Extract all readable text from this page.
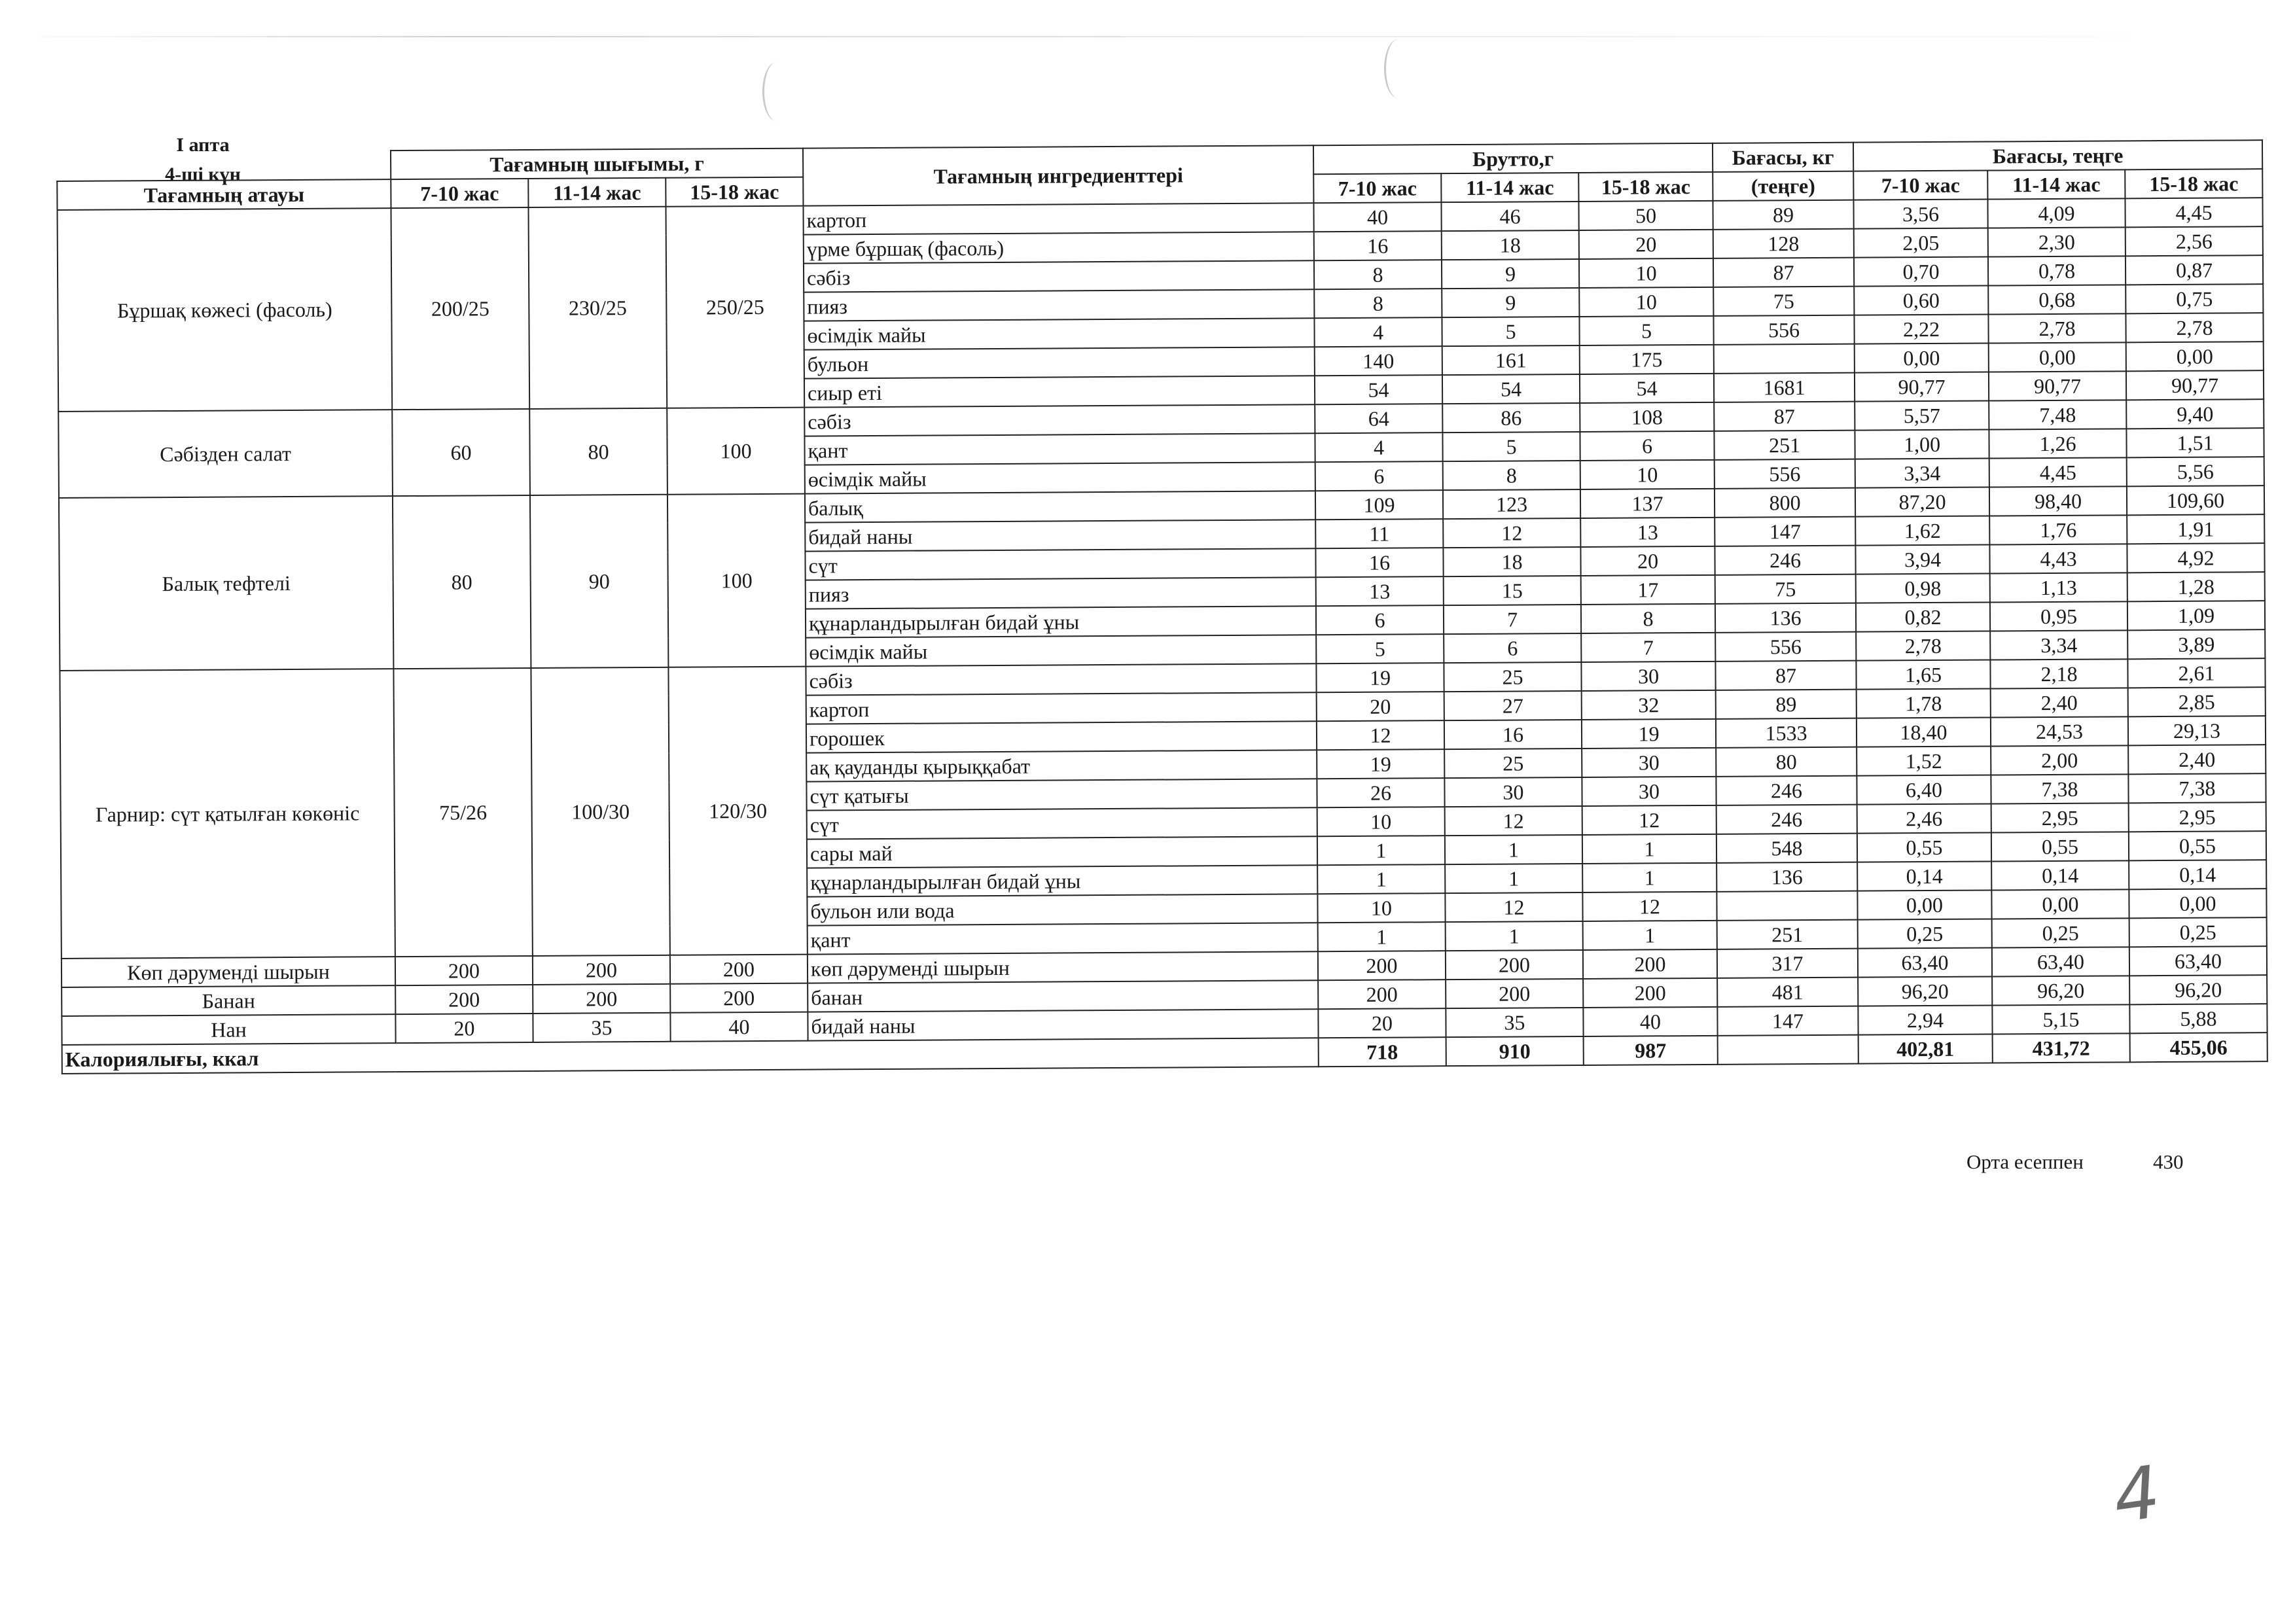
I апта
4-ші күн
		Тағамның шығымы, г			Тағамның ингредиенттері	Брутто,г			Бағасы, кг	Бағасы, теңге		
Тағамның атауы	7-10 жас	11-14 жас	15-18 жас		7-10 жас	11-14 жас	15-18 жас	(теңге)	7-10 жас	11-14 жас	15-18 жас
Бұршақ көжесі (фасоль)	200/25	230/25	250/25	картоп	40	46	50	89	3,56	4,09	4,45
				үрме бұршақ (фасоль)	16	18	20	128	2,05	2,30	2,56
				сәбіз	8	9	10	87	0,70	0,78	0,87
				пияз	8	9	10	75	0,60	0,68	0,75
				өсімдік майы	4	5	5	556	2,22	2,78	2,78
				бульон	140	161	175		0,00	0,00	0,00
				сиыр еті	54	54	54	1681	90,77	90,77	90,77
Сәбізден салат	60	80	100	сәбіз	64	86	108	87	5,57	7,48	9,40
				қант	4	5	6	251	1,00	1,26	1,51
				өсімдік майы	6	8	10	556	3,34	4,45	5,56
Балық тефтелі	80	90	100	балық	109	123	137	800	87,20	98,40	109,60
				бидай наны	11	12	13	147	1,62	1,76	1,91
				сүт	16	18	20	246	3,94	4,43	4,92
				пияз	13	15	17	75	0,98	1,13	1,28
				құнарландырылған бидай ұны	6	7	8	136	0,82	0,95	1,09
				өсімдік майы	5	6	7	556	2,78	3,34	3,89
Гарнир: сүт қатылған көкөніс	75/26	100/30	120/30	сәбіз	19	25	30	87	1,65	2,18	2,61
				картоп	20	27	32	89	1,78	2,40	2,85
				горошек	12	16	19	1533	18,40	24,53	29,13
				ақ қауданды қырыққабат	19	25	30	80	1,52	2,00	2,40
				сүт қатығы	26	30	30	246	6,40	7,38	7,38
				сүт	10	12	12	246	2,46	2,95	2,95
				сары май	1	1	1	548	0,55	0,55	0,55
				құнарландырылған бидай ұны	1	1	1	136	0,14	0,14	0,14
				бульон или вода	10	12	12		0,00	0,00	0,00
				қант	1	1	1	251	0,25	0,25	0,25
Көп дәруменді шырын	200	200	200	көп дәруменді шырын	200	200	200	317	63,40	63,40	63,40
Банан	200	200	200	банан	200	200	200	481	96,20	96,20	96,20
Нан	20	35	40	бидай наны	20	35	40	147	2,94	5,15	5,88
Калориялығы, ккал					718	910	987		402,81	431,72	455,06
Орта есеппен	430
4
